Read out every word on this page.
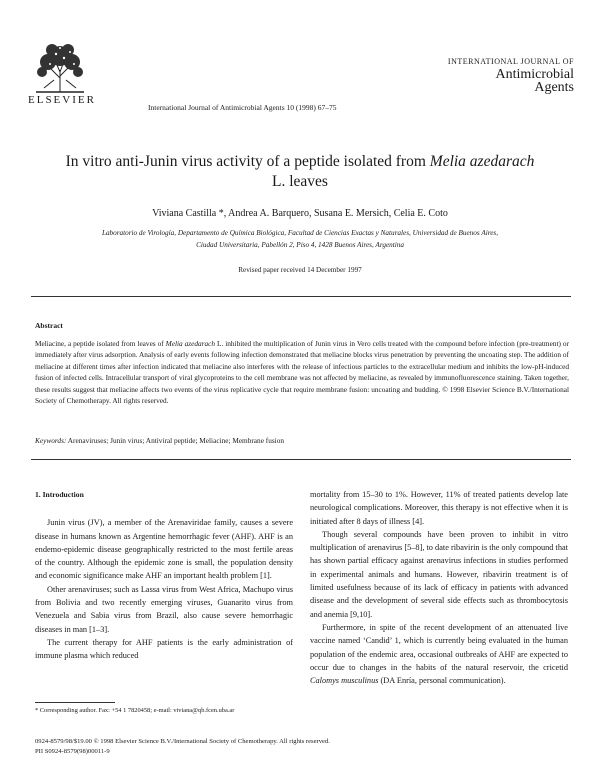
ELSEVIER
International Journal of Antimicrobial Agents 10 (1998) 67–75
INTERNATIONAL JOURNAL OF
Antimicrobial
Agents
In vitro anti-Junin virus activity of a peptide isolated from Melia azedarach L. leaves
Viviana Castilla *, Andrea A. Barquero, Susana E. Mersich, Celia E. Coto
Laboratorio de Virología, Departamento de Química Biológica, Facultad de Ciencias Exactas y Naturales, Universidad de Buenos Aires,
Ciudad Universitaria, Pabellón 2, Piso 4, 1428 Buenos Aires, Argentina
Revised paper received 14 December 1997
Abstract
Meliacine, a peptide isolated from leaves of Melia azedarach L. inhibited the multiplication of Junin virus in Vero cells treated with the compound before infection (pre-treatment) or immediately after virus adsorption. Analysis of early events following infection demonstrated that meliacine blocks virus penetration by preventing the uncoating step. The addition of meliacine at different times after infection indicated that meliacine also interferes with the release of infectious particles to the extracellular medium and inhibits the low-pH-induced fusion of infected cells. Intracellular transport of viral glycoproteins to the cell membrane was not affected by meliacine, as revealed by immunofluorescence staining. Taken together, these results suggest that meliacine affects two events of the virus replicative cycle that require membrane fusion: uncoating and budding. © 1998 Elsevier Science B.V./International Society of Chemotherapy. All rights reserved.
Keywords: Arenaviruses; Junin virus; Antiviral peptide; Meliacine; Membrane fusion
1. Introduction

Junin virus (JV), a member of the Arenaviridae family, causes a severe disease in humans known as Argentine hemorrhagic fever (AHF). AHF is an endemo-epidemic disease geographically restricted to the most fertile areas of the country. Although the epidemic zone is small, the population density and economic significance make AHF an important health problem [1].

Other arenaviruses; such as Lassa virus from West Africa, Machupo virus from Bolivia and two recently emerging viruses, Guanarito virus from Venezuela and Sabia virus from Brazil, also cause severe hemorrhagic diseases in man [1–3].

The current therapy for AHF patients is the early administration of immune plasma which reduced

mortality from 15–30 to 1%. However, 11% of treated patients develop late neurological complications. Moreover, this therapy is not effective when it is initiated after 8 days of illness [4].

Though several compounds have been proven to inhibit in vitro multiplication of arenavirus [5–8], to date ribavirin is the only compound that has shown partial efficacy against arenavirus infections in studies performed in experimental animals and humans. However, ribavirin treatment is of limited usefulness because of its lack of efficacy in patients with advanced disease and the development of several side effects such as thrombocytosis and anemia [9,10].

Furthermore, in spite of the recent development of an attenuated live vaccine named ‘Candid’ 1, which is currently being evaluated in the human population of the endemic area, occasional outbreaks of AHF are expected to occur due to changes in the habits of the natural reservoir, the cricetid Calomys musculinus (DA Enría, personal communication).

* Corresponding author. Fax: +54 1 7820458; e-mail: viviana@qb.fcen.uba.ar
0924-8579/98/$19.00 © 1998 Elsevier Science B.V./International Society of Chemotherapy. All rights reserved.
PII S0924-8579(98)00011-9
